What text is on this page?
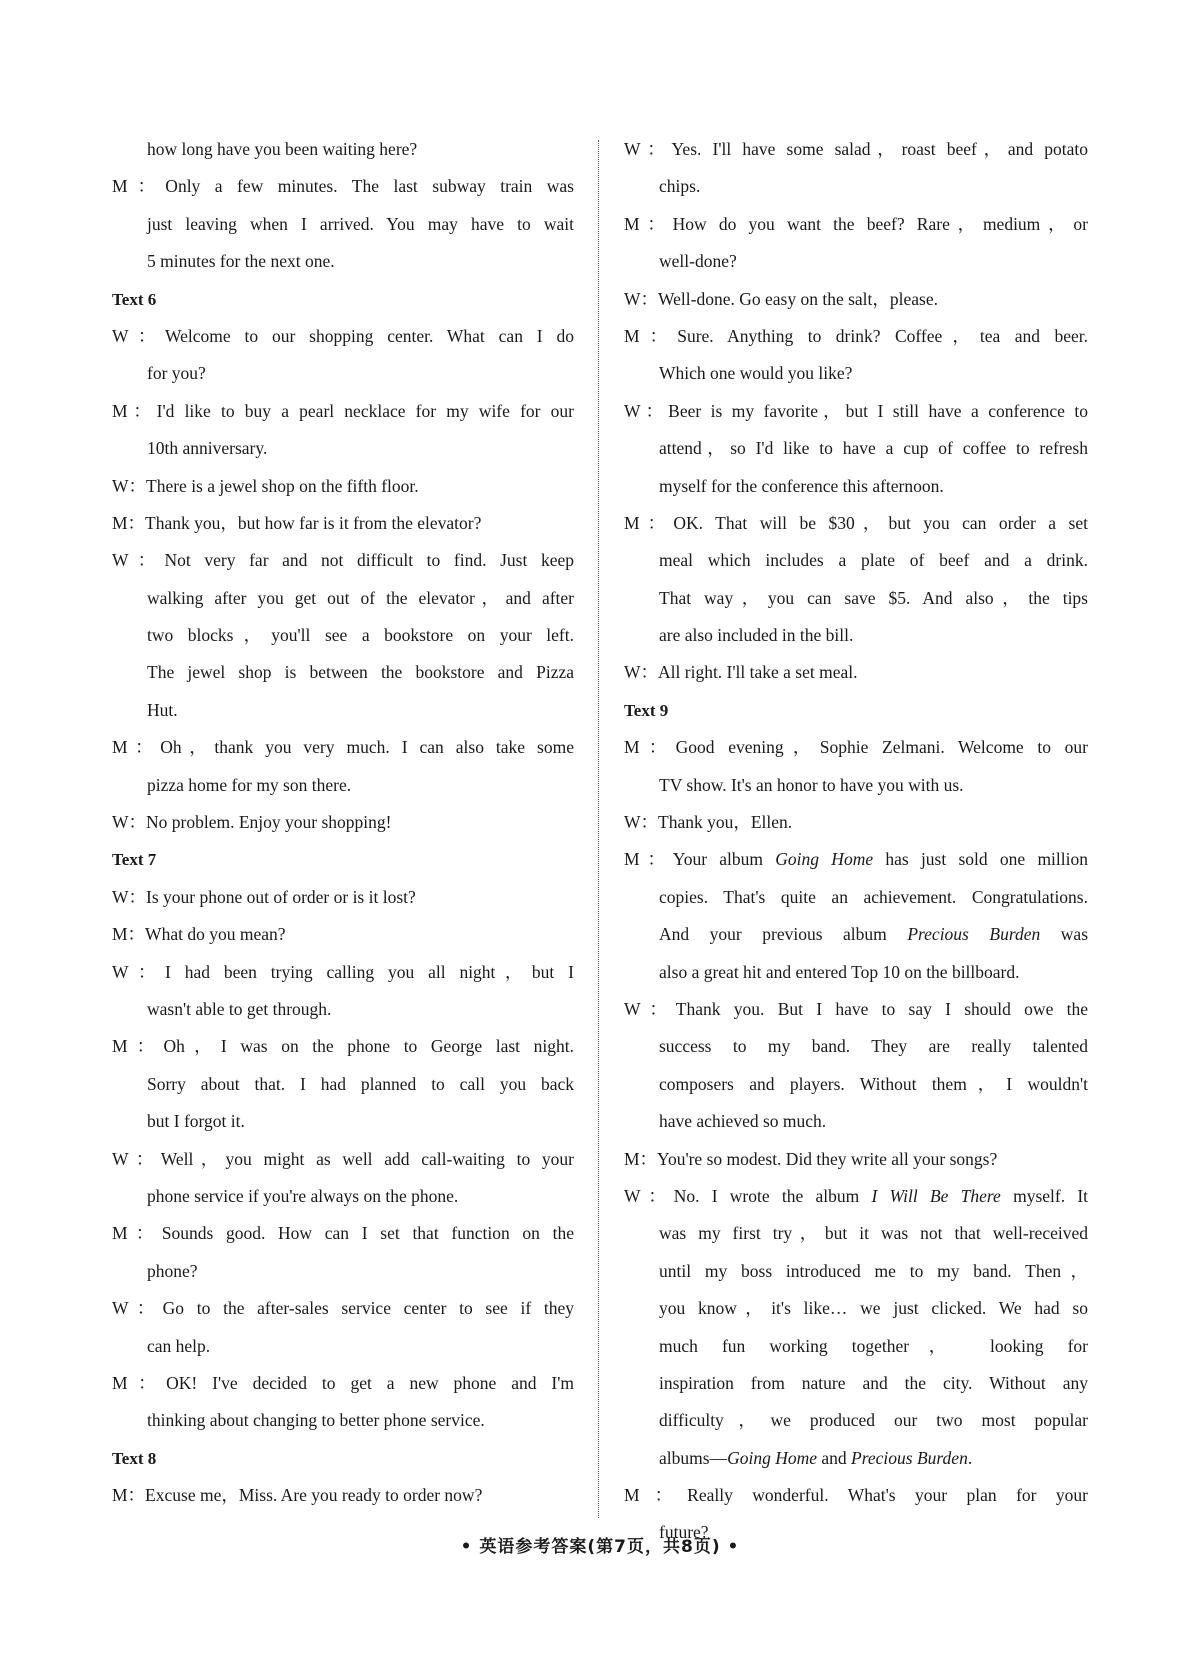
how long have you been waiting here?
M：Only a few minutes. The last subway train was
just leaving when I arrived. You may have to wait
5 minutes for the next one.
Text 6
W：Welcome to our shopping center. What can I do
for you?
M：I'd like to buy a pearl necklace for my wife for our
10th anniversary.
W：There is a jewel shop on the fifth floor.
M：Thank you，but how far is it from the elevator?
W：Not very far and not difficult to find. Just keep
walking after you get out of the elevator，and after
two blocks，you'll see a bookstore on your left.
The jewel shop is between the bookstore and Pizza
Hut.
M：Oh，thank you very much. I can also take some
pizza home for my son there.
W：No problem. Enjoy your shopping!
Text 7
W：Is your phone out of order or is it lost?
M：What do you mean?
W：I had been trying calling you all night，but I
wasn't able to get through.
M：Oh，I was on the phone to George last night.
Sorry about that. I had planned to call you back
but I forgot it.
W：Well，you might as well add call-waiting to your
phone service if you're always on the phone.
M：Sounds good. How can I set that function on the
phone?
W：Go to the after-sales service center to see if they
can help.
M：OK! I've decided to get a new phone and I'm
thinking about changing to better phone service.
Text 8
M：Excuse me，Miss. Are you ready to order now?
W：Yes. I'll have some salad，roast beef，and potato
chips.
M：How do you want the beef? Rare，medium，or
well-done?
W：Well-done. Go easy on the salt，please.
M：Sure. Anything to drink? Coffee，tea and beer.
Which one would you like?
W：Beer is my favorite，but I still have a conference to
attend，so I'd like to have a cup of coffee to refresh
myself for the conference this afternoon.
M：OK. That will be $30，but you can order a set
meal which includes a plate of beef and a drink.
That way，you can save $5. And also，the tips
are also included in the bill.
W：All right. I'll take a set meal.
Text 9
M：Good evening，Sophie Zelmani. Welcome to our
TV show. It's an honor to have you with us.
W：Thank you，Ellen.
M：Your album Going Home has just sold one million
copies. That's quite an achievement. Congratulations.
And your previous album Precious Burden was
also a great hit and entered Top 10 on the billboard.
W：Thank you. But I have to say I should owe the
success to my band. They are really talented
composers and players. Without them，I wouldn't
have achieved so much.
M：You're so modest. Did they write all your songs?
W：No. I wrote the album I Will Be There myself. It
was my first try，but it was not that well-received
until my boss introduced me to my band. Then，
you know，it's like… we just clicked. We had so
much fun working together， looking for
inspiration from nature and the city. Without any
difficulty，we produced our two most popular
albums—Going Home and Precious Burden.
M：Really wonderful. What's your plan for your
future?
• 英语参考答案(第7页，共8页) •
